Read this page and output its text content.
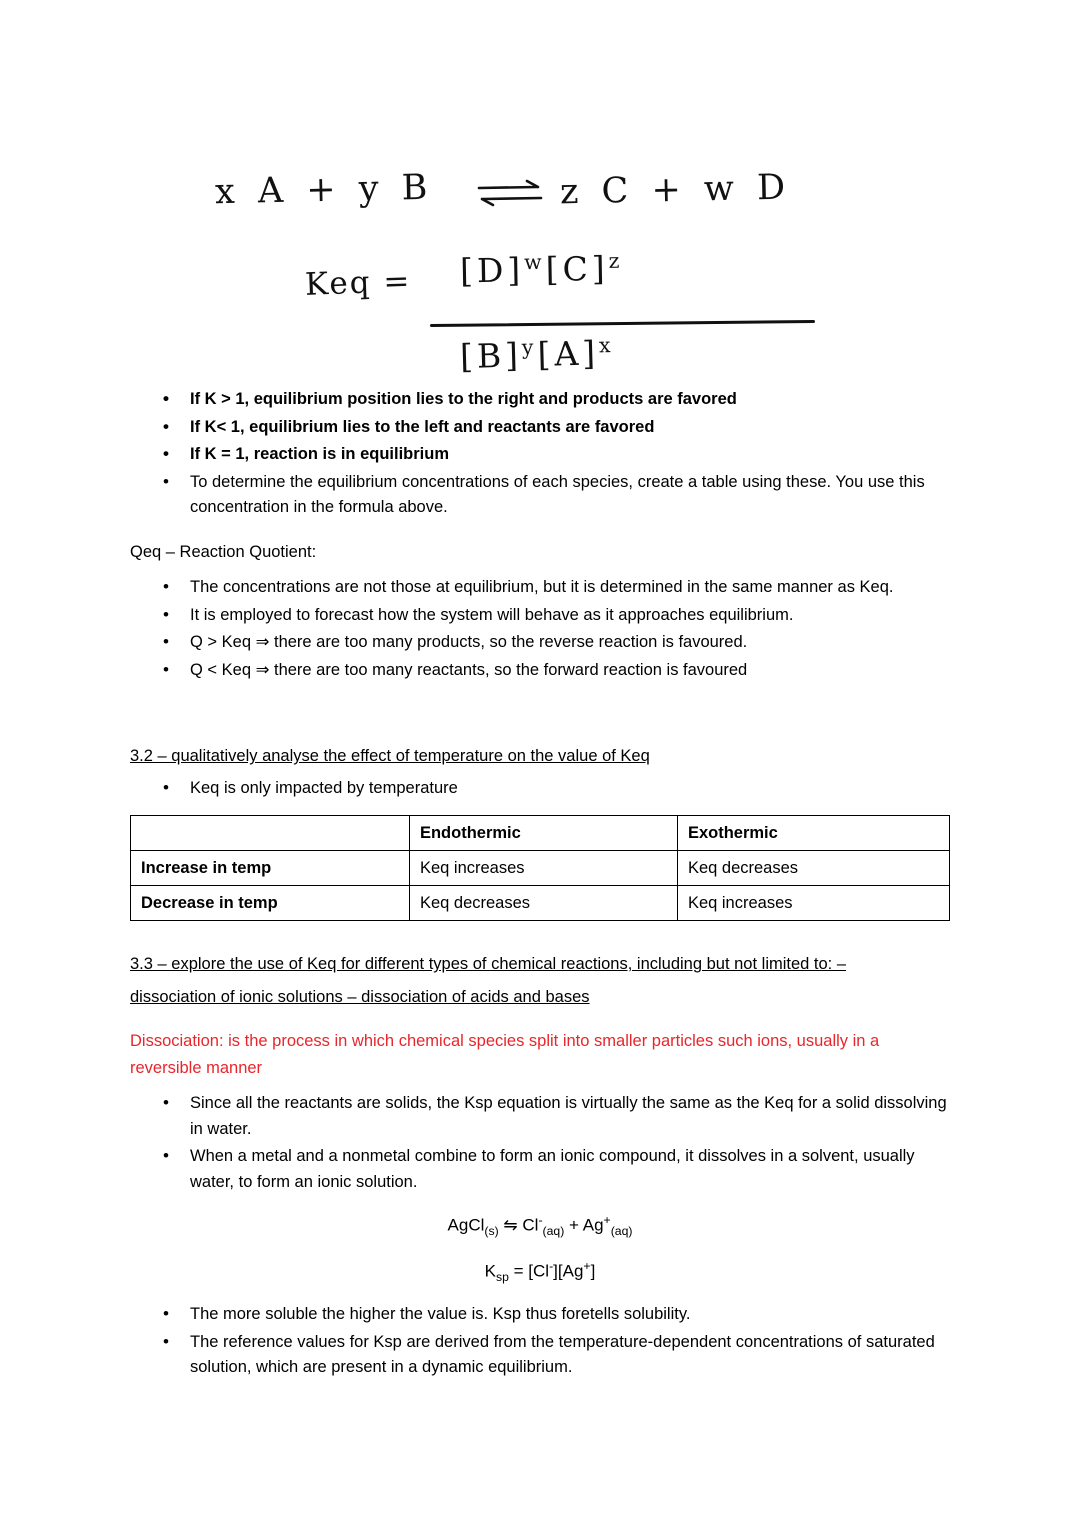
x A + y B	z C + w D
Keq = $[D]^w[C]^z$
$[B]^y[A]^x$
• If K > 1, equilibrium position lies to the right and products are favored
• If K< 1, equilibrium lies to the left and reactants are favored
• If K = 1, reaction is in equilibrium
• To determine the equilibrium concentrations of each species, create a table using these. You use this concentration in the formula above.
Qeq – Reaction Quotient:
• The concentrations are not those at equilibrium, but it is determined in the same manner as Keq.
• It is employed to forecast how the system will behave as it approaches equilibrium.
• Q > Keq ⇒ there are too many products, so the reverse reaction is favoured.
• Q < Keq ⇒ there are too many reactants, so the forward reaction is favoured
3.2 – qualitatively analyse the effect of temperature on the value of Keq
• Keq is only impacted by temperature
	Endothermic	Exothermic
Increase in temp	Keq increases	Keq decreases
Decrease in temp	Keq decreases	Keq increases
3.3 – explore the use of Keq for different types of chemical reactions, including but not limited to: –
dissociation of ionic solutions – dissociation of acids and bases
Dissociation: is the process in which chemical species split into smaller particles such ions, usually in a reversible manner
• Since all the reactants are solids, the Ksp equation is virtually the same as the Keq for a solid dissolving in water.
• When a metal and a nonmetal combine to form an ionic compound, it dissolves in a solvent, usually water, to form an ionic solution.
AgCl$_{(s)}$ ⇋ $Cl^-_{(aq)} + Ag^+_{(aq)}$
$K_{sp} = [Cl^-][Ag^+]$
• The more soluble the higher the value is. Ksp thus foretells solubility.
• The reference values for Ksp are derived from the temperature-dependent concentrations of saturated solution, which are present in a dynamic equilibrium.
